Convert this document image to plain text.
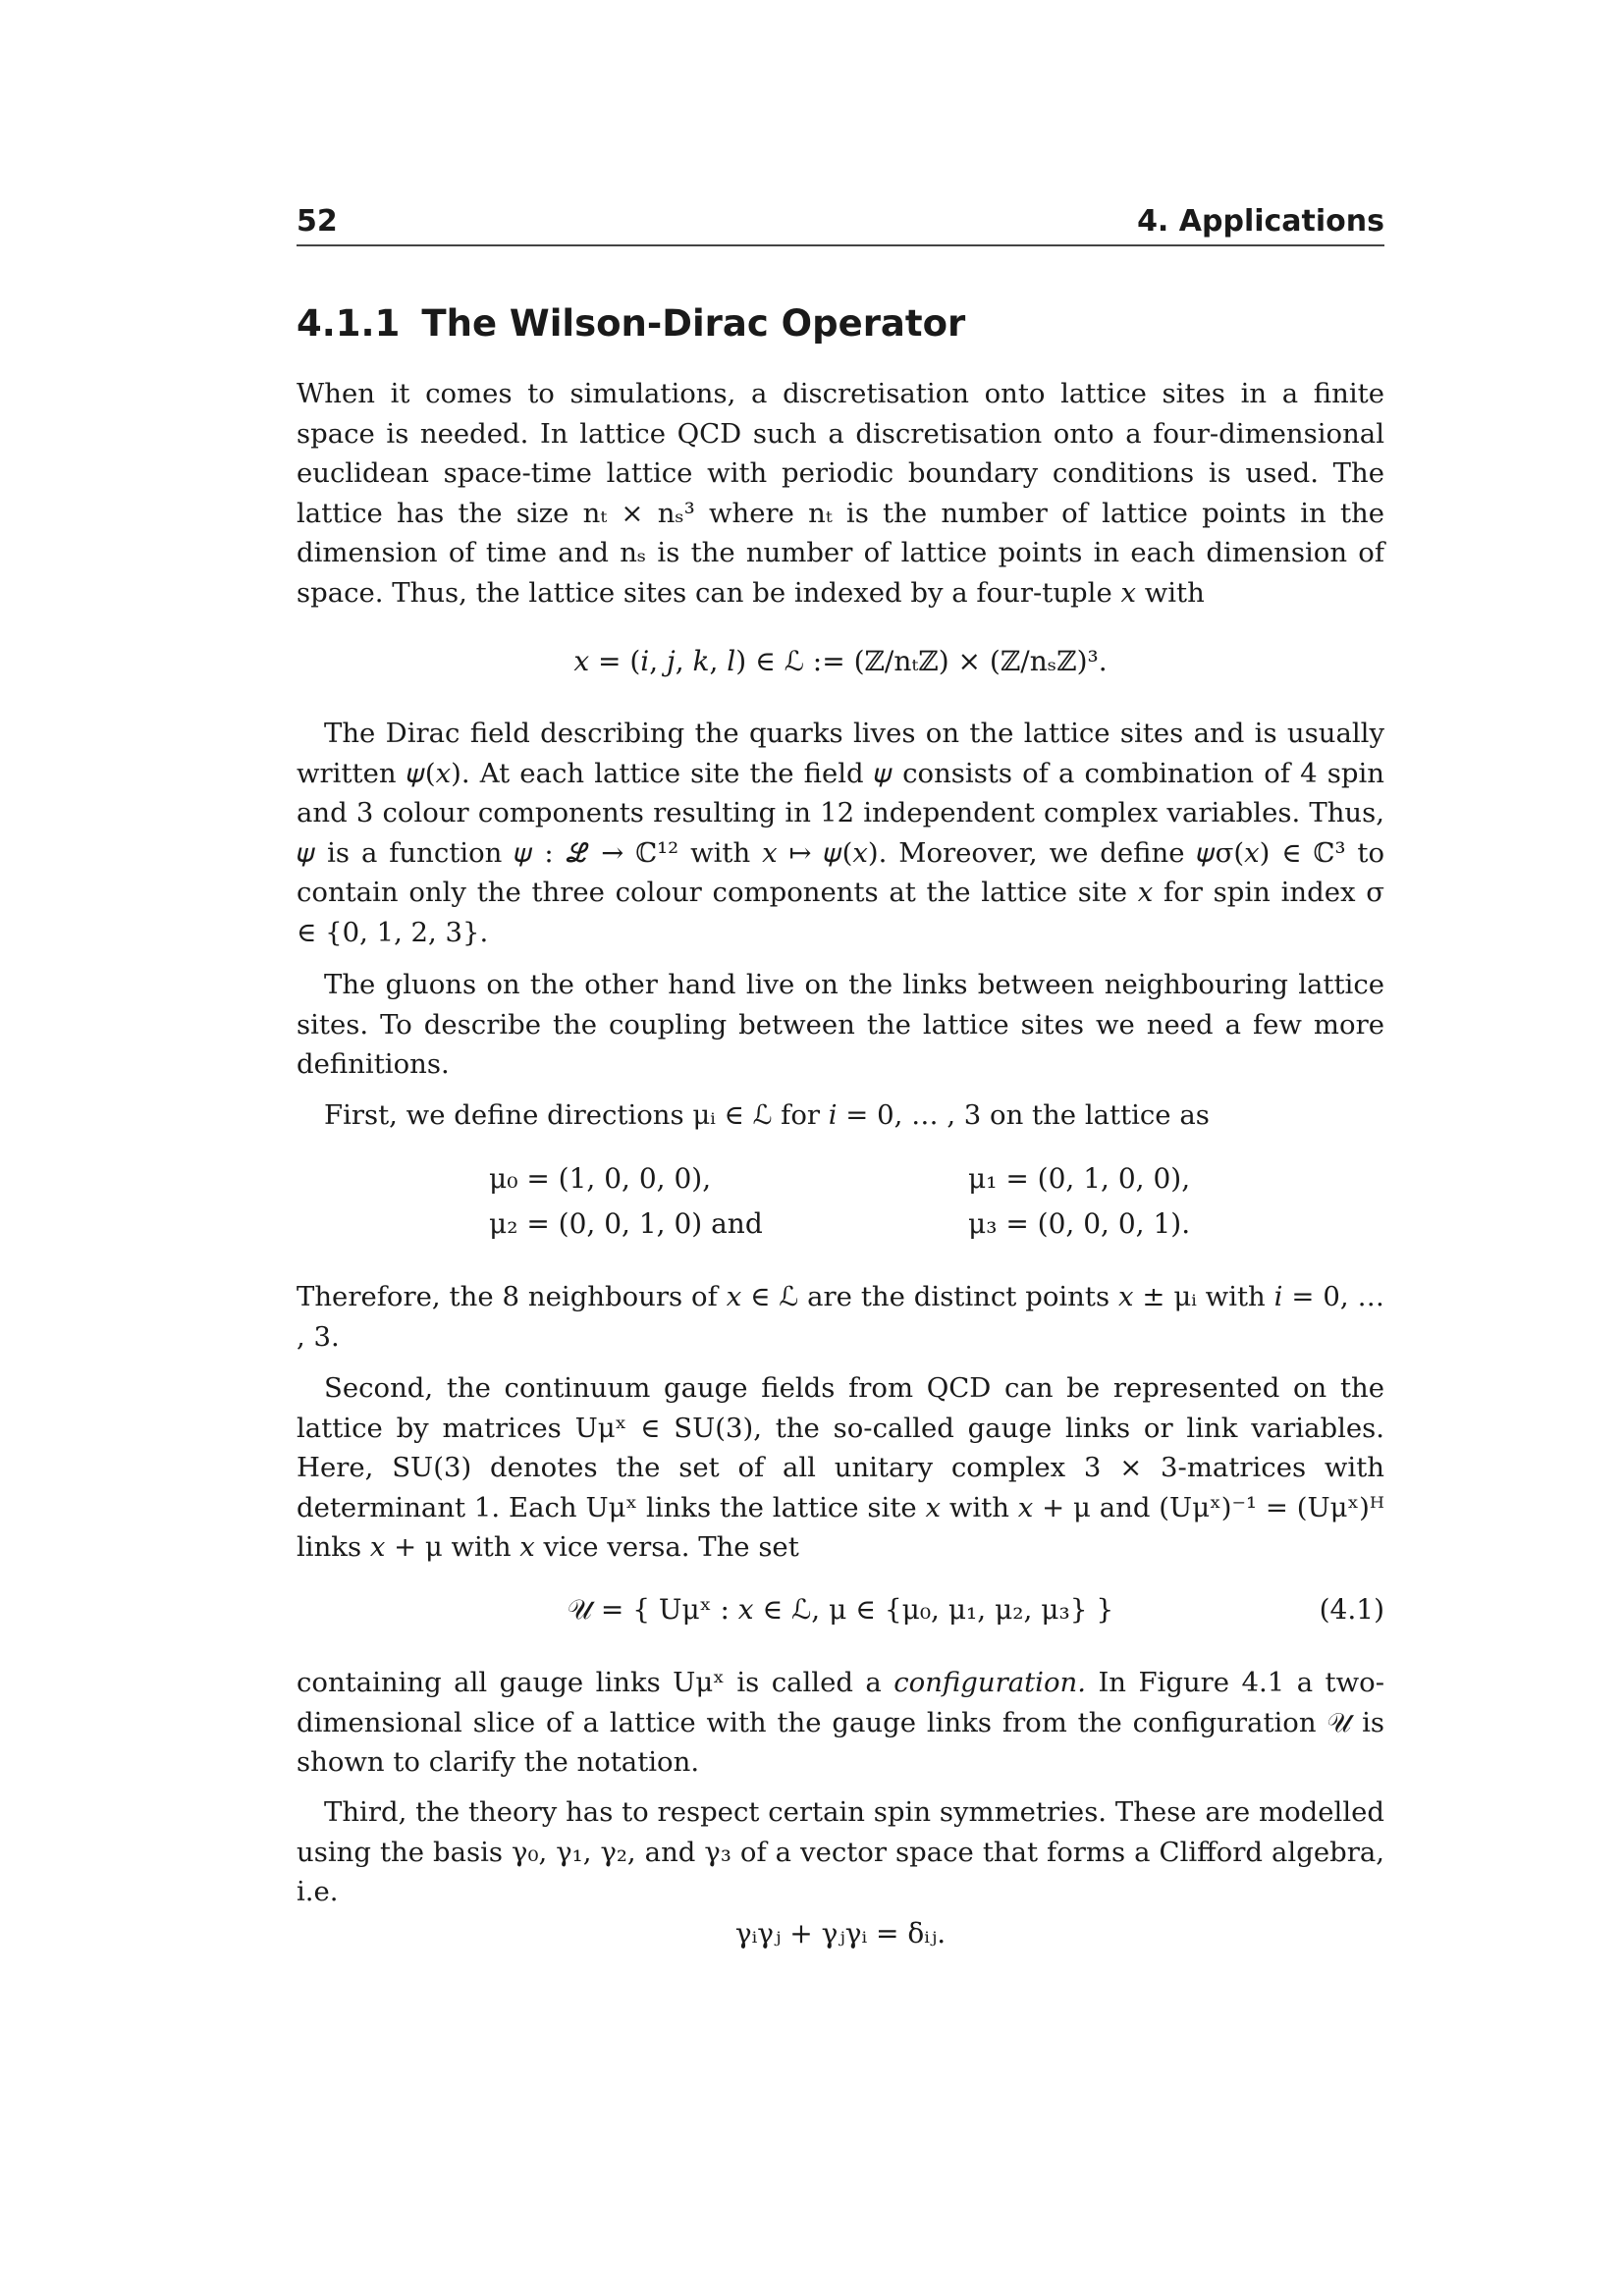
52	4. Applications
4.1.1 The Wilson-Dirac Operator

When it comes to simulations, a discretisation onto lattice sites in a finite space is needed. In lattice QCD such a discretisation onto a four-dimensional euclidean space-time lattice with periodic boundary conditions is used. The lattice has the size nₜ × nₛ³ where nₜ is the number of lattice points in the dimension of time and nₛ is the number of lattice points in each dimension of space. Thus, the lattice sites can be indexed by a four-tuple 𝑥 with

𝑥 = (𝑖, 𝑗, 𝑘, 𝑙) ∈ ℒ := (ℤ/nₜℤ) × (ℤ/nₛℤ)³.

The Dirac field describing the quarks lives on the lattice sites and is usually written 𝜓(𝑥). At each lattice site the field 𝜓 consists of a combination of 4 spin and 3 colour components resulting in 12 independent complex variables. Thus, 𝜓 is a function 𝜓 : ℒ → ℂ¹² with 𝑥 ↦ 𝜓(𝑥). Moreover, we define 𝜓σ(𝑥) ∈ ℂ³ to contain only the three colour components at the lattice site 𝑥 for spin index σ ∈ {0, 1, 2, 3}.

The gluons on the other hand live on the links between neighbouring lattice sites. To describe the coupling between the lattice sites we need a few more definitions.

First, we define directions μᵢ ∈ ℒ for 𝑖 = 0, … , 3 on the lattice as

μ₀ = (1, 0, 0, 0),	μ₁ = (0, 1, 0, 0),
μ₂ = (0, 0, 1, 0) and	μ₃ = (0, 0, 0, 1).

Therefore, the 8 neighbours of 𝑥 ∈ ℒ are the distinct points 𝑥 ± μᵢ with 𝑖 = 0, … , 3.

Second, the continuum gauge fields from QCD can be represented on the lattice by matrices Uμˣ ∈ SU(3), the so-called gauge links or link variables. Here, SU(3) denotes the set of all unitary complex 3 × 3-matrices with determinant 1. Each Uμˣ links the lattice site 𝑥 with 𝑥 + μ and (Uμˣ)⁻¹ = (Uμˣ)ᴴ links 𝑥 + μ with 𝑥 vice versa. The set

𝒰 = { Uμˣ : 𝑥 ∈ ℒ, μ ∈ {μ₀, μ₁, μ₂, μ₃} }	(4.1)

containing all gauge links Uμˣ is called a configuration. In Figure 4.1 a two-dimensional slice of a lattice with the gauge links from the configuration 𝒰 is shown to clarify the notation.

Third, the theory has to respect certain spin symmetries. These are modelled using the basis γ₀, γ₁, γ₂, and γ₃ of a vector space that forms a Clifford algebra, i.e.

γᵢγⱼ + γⱼγᵢ = δᵢⱼ.
